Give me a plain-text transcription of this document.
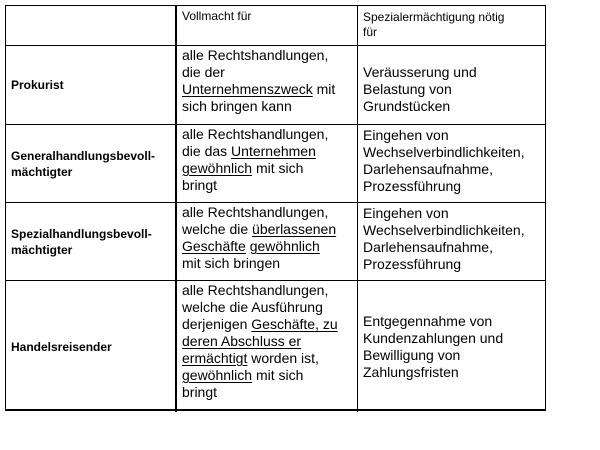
Vollmacht für	Spezialermächtigung nötig
für
Prokurist
alle Rechtshandlungen,
die der
Unternehmenszweck mit
sich bringen kann
Veräusserung und
Belastung von
Grundstücken
Generalhandlungsbevoll-
mächtigter
alle Rechtshandlungen,
die das Unternehmen
gewöhnlich mit sich
bringt
Eingehen von
Wechselverbindlichkeiten,
Darlehensaufnahme,
Prozessführung
Spezialhandlungsbevoll-
mächtigter
alle Rechtshandlungen,
welche die überlassenen
Geschäfte gewöhnlich
mit sich bringen
Eingehen von
Wechselverbindlichkeiten,
Darlehensaufnahme,
Prozessführung
Handelsreisender
alle Rechtshandlungen,
welche die Ausführung
derjenigen Geschäfte, zu
deren Abschluss er
ermächtigt worden ist,
gewöhnlich mit sich
bringt
Entgegennahme von
Kundenzahlungen und
Bewilligung von
Zahlungsfristen
